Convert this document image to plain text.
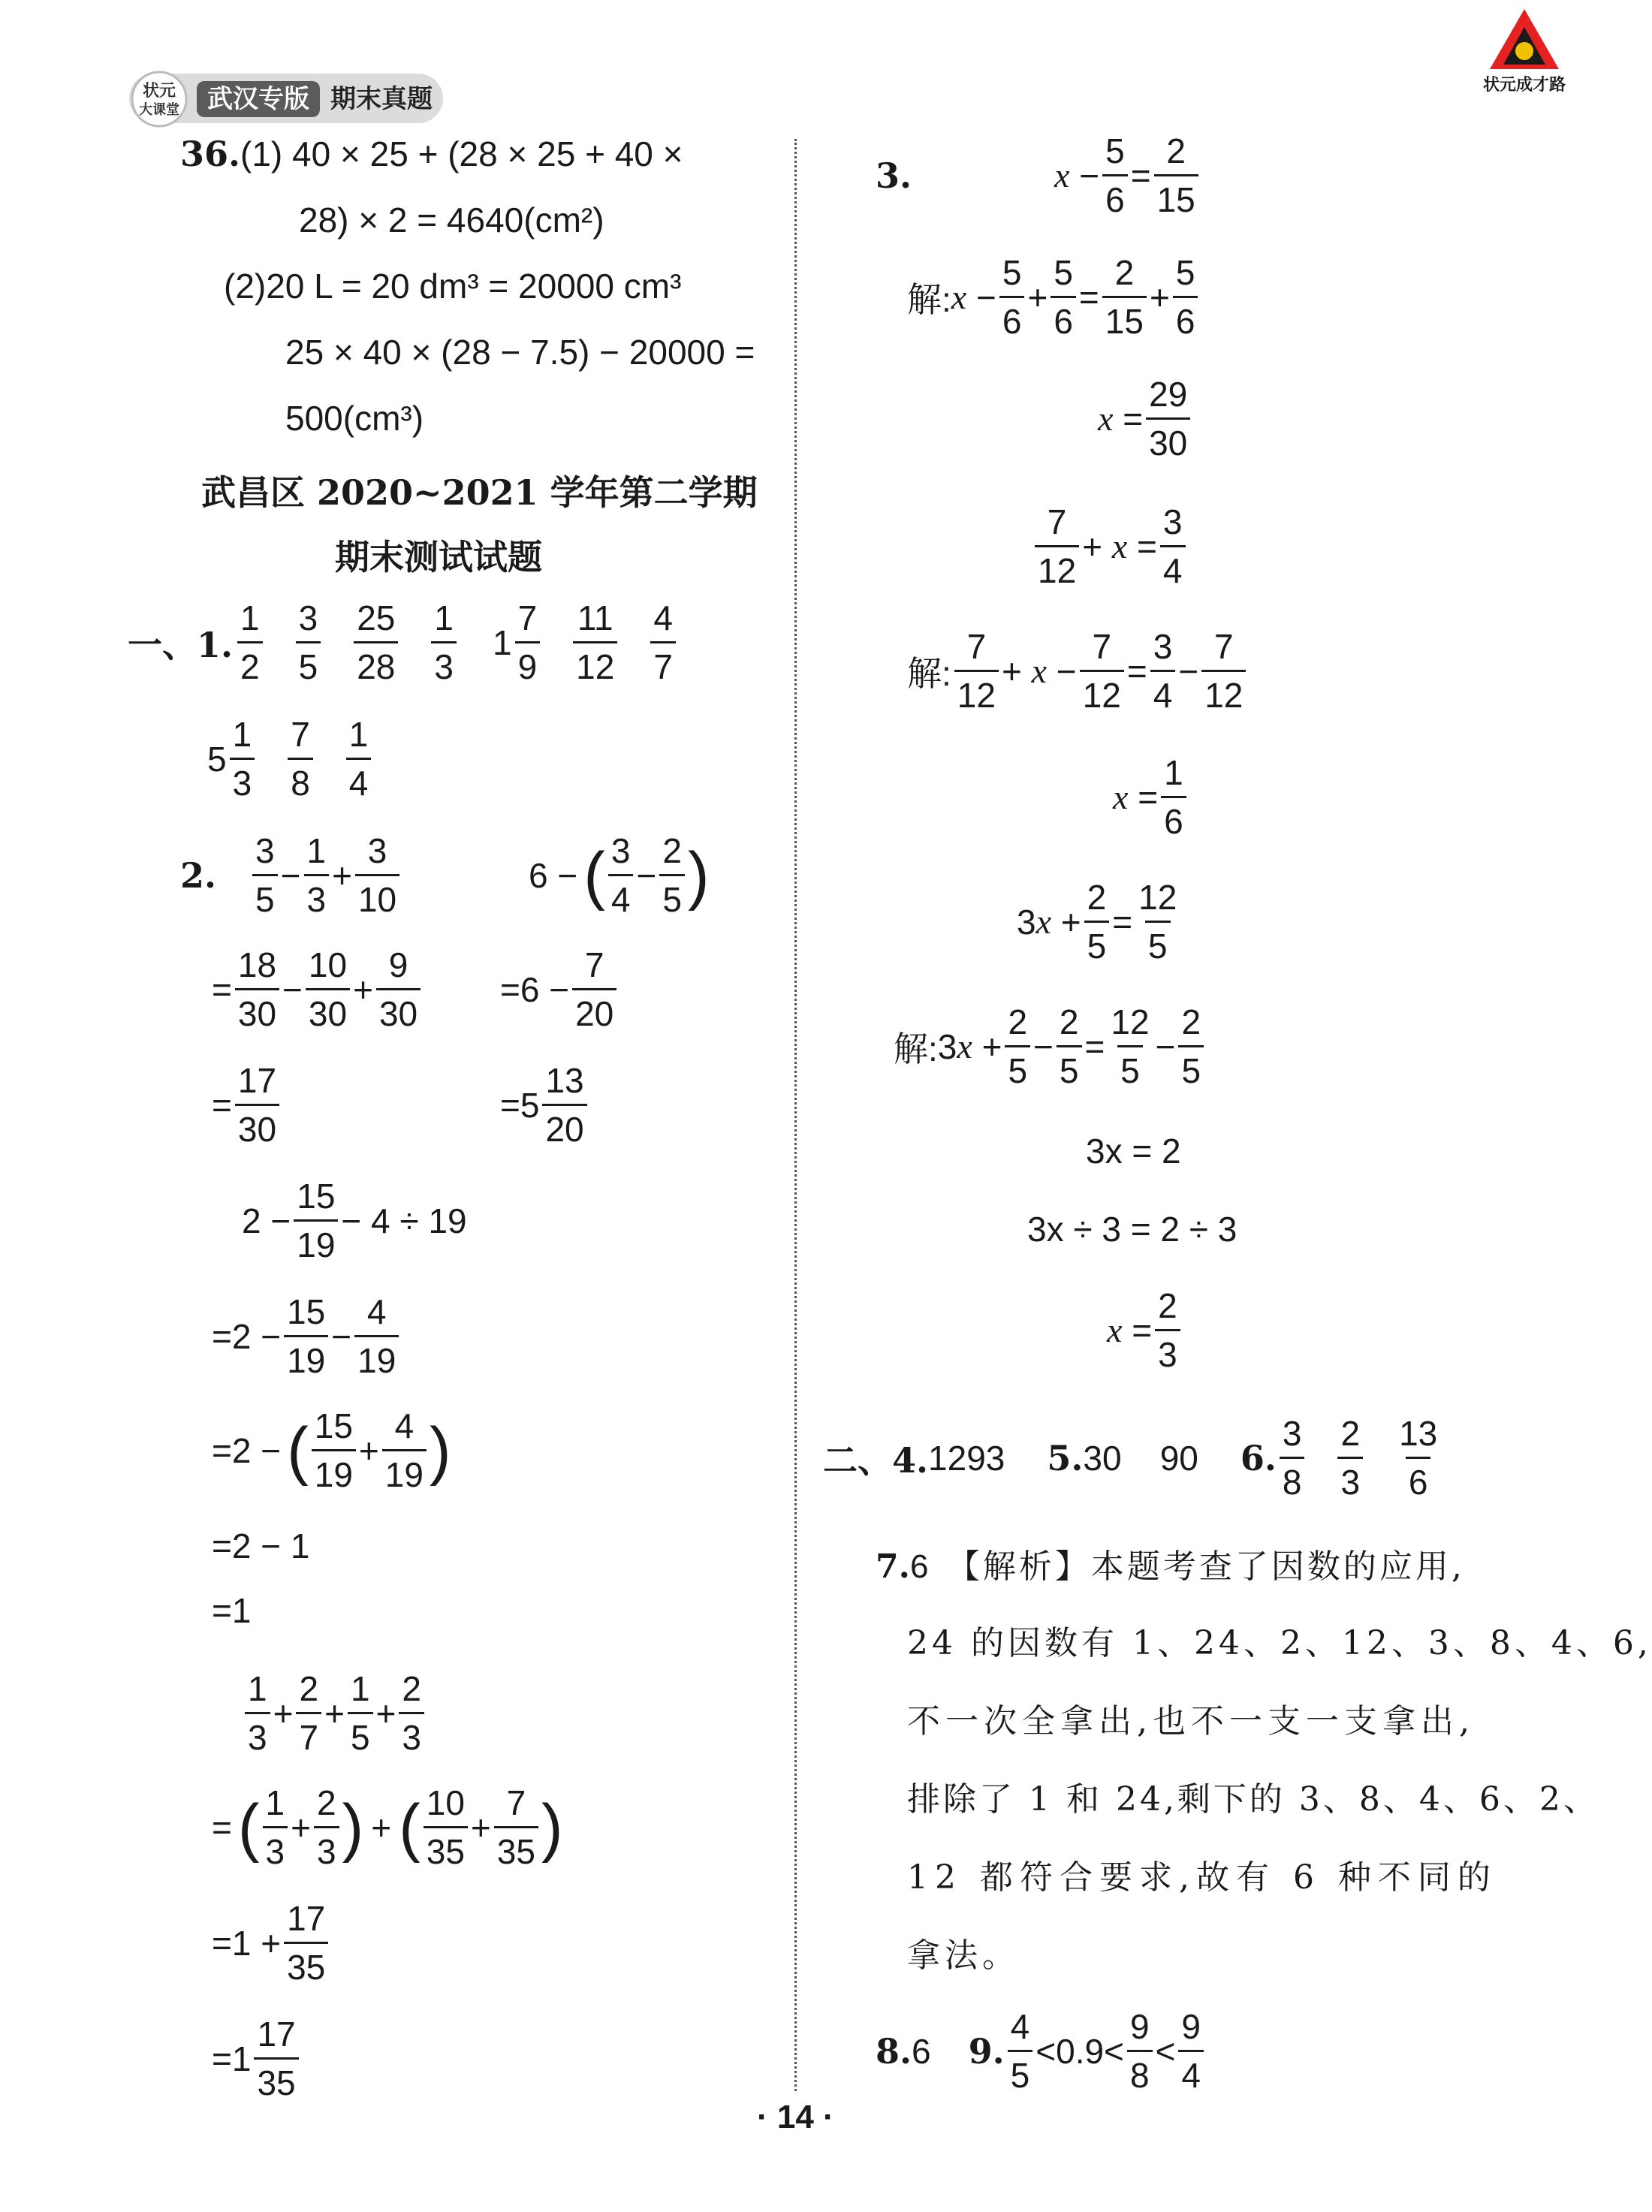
状元
大课堂	武汉专版 期末真题
状元成才路
36.(1) 40 × 25 + (28 × 25 + 40 ×
28) × 2 = 4640(cm²)
(2)20 L = 20 dm³ = 20000 cm³
25 × 40 × (28 − 7.5) − 20000 =
500(cm³)
武昌区 2020~2021 学年第二学期
期末测试试题
一、1. $\frac{1}{2} \frac{3}{5} \frac{25}{28} \frac{1}{3} 1 \frac{7}{9} \frac{11}{12} \frac{4}{7}$
$5 \frac{1}{3} \frac{7}{8} \frac{1}{4}$
2. $\frac{3}{5} - \frac{1}{3} + \frac{3}{10}$
= $\frac{18}{30} - \frac{10}{30} + \frac{9}{30}$
= $\frac{17}{30}$
6 − ( $\frac{3}{4} - \frac{2}{5}$ )
$=6 - \frac{7}{20}$
$=5 \frac{13}{20}$
$2 - \frac{15}{19} - 4 \div 19$
$=2 - \frac{15}{19} - \frac{4}{19}$
=2 − ( $\frac{15}{19} + \frac{4}{19}$ )
=2 − 1
=1
$\frac{1}{3} + \frac{2}{7} + \frac{1}{5} + \frac{2}{3}$
= ( $\frac{1}{3} + \frac{2}{3}$ ) + ( $\frac{10}{35} + \frac{7}{35}$ )
$=1 + \frac{17}{35}$
$=1 \frac{17}{35}$
3.	$x - \frac{5}{6} = \frac{2}{15}$
解: $x - \frac{5}{6} + \frac{5}{6} = \frac{2}{15} + \frac{5}{6}$
$x = \frac{29}{30}$
$\frac{7}{12} + x = \frac{3}{4}$
解: $\frac{7}{12} + x - \frac{7}{12} = \frac{3}{4} - \frac{7}{12}$
$x = \frac{1}{6}$
3 $x + \frac{2}{5} = \frac{12}{5}$
解: 3 $x + \frac{2}{5} - \frac{2}{5} = \frac{12}{5} - \frac{2}{5}$
3x = 2
3x ÷ 3 = 2 ÷ 3
$x = \frac{2}{3}$
二、4. 1293 5. 30    90 6. $\frac{3}{8} \frac{2}{3} \frac{13}{6}$
7.6 【解析】本题考查了因数的应用,
24 的因数有 1、24、2、12、3、8、4、6,
不一次全拿出,也不一支一支拿出,
排除了 1 和 24,剩下的 3、8、4、6、2、
12 都符合要求,故有 6 种不同的
拿法。
8. 6 9. $\frac{4}{5} <0.9< \frac{9}{8} < \frac{9}{4}$
· 14 ·
